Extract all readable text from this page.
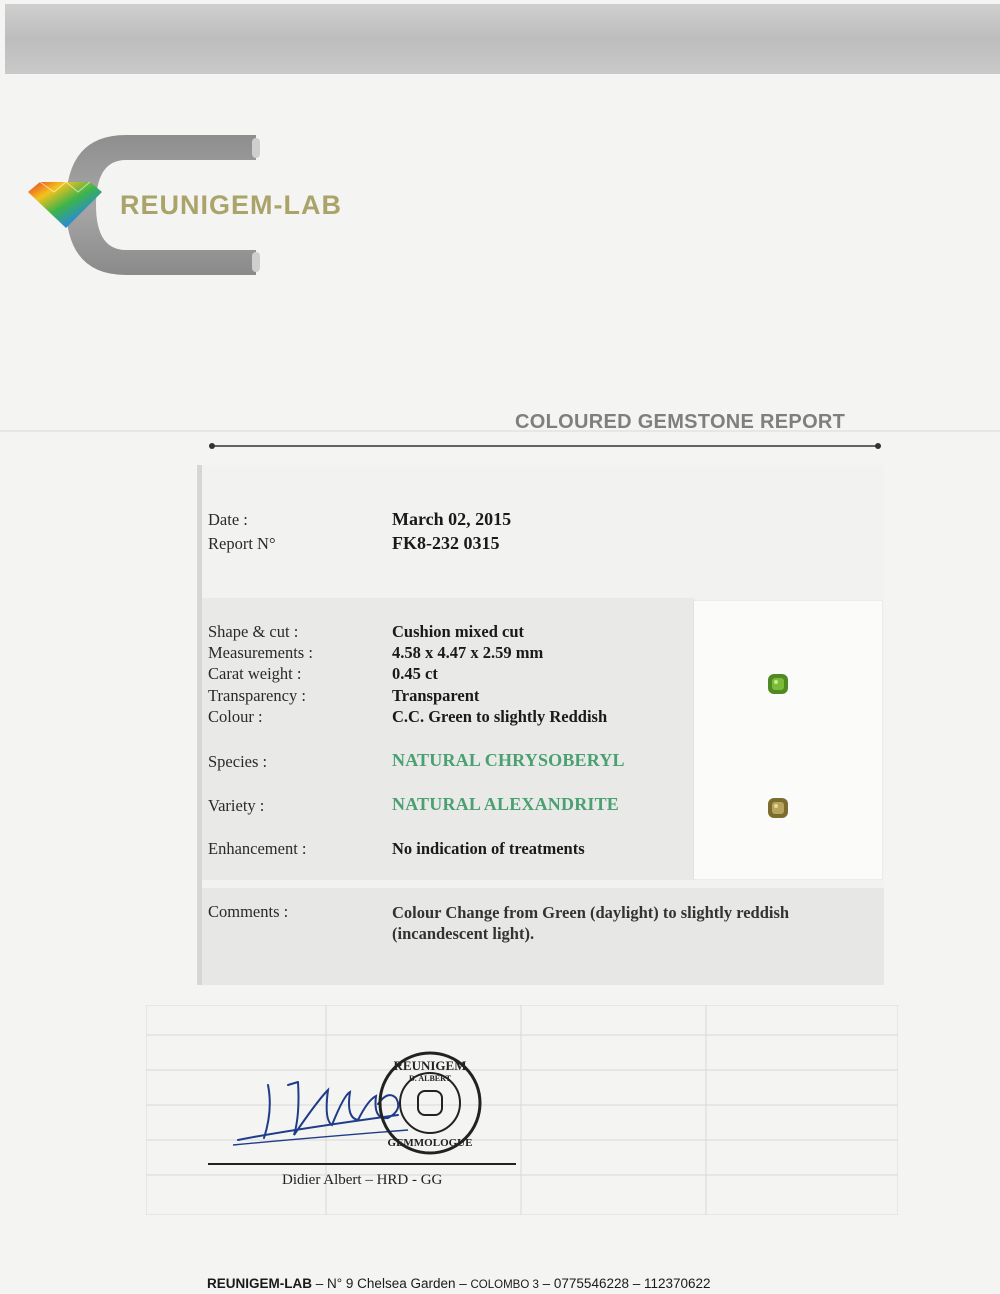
REUNIGEM-LAB
COLOURED GEMSTONE REPORT
Date :	March 02, 2015
Report N°	FK8-232 0315
Shape & cut :	Cushion mixed cut
Measurements :	4.58 x 4.47 x 2.59 mm
Carat weight :	0.45 ct
Transparency :	Transparent
Colour :	C.C. Green to slightly Reddish
Species :	NATURAL CHRYSOBERYL
Variety :	NATURAL ALEXANDRITE
Enhancement :	No indication of treatments
Comments :	Colour Change from Green (daylight) to slightly reddish (incandescent light).
REUNIGEM
D. ALBERT
GEMMOLOGUE
Didier Albert – HRD - GG
REUNIGEM-LAB – N° 9 Chelsea Garden – COLOMBO 3 – 0775546228 – 112370622
